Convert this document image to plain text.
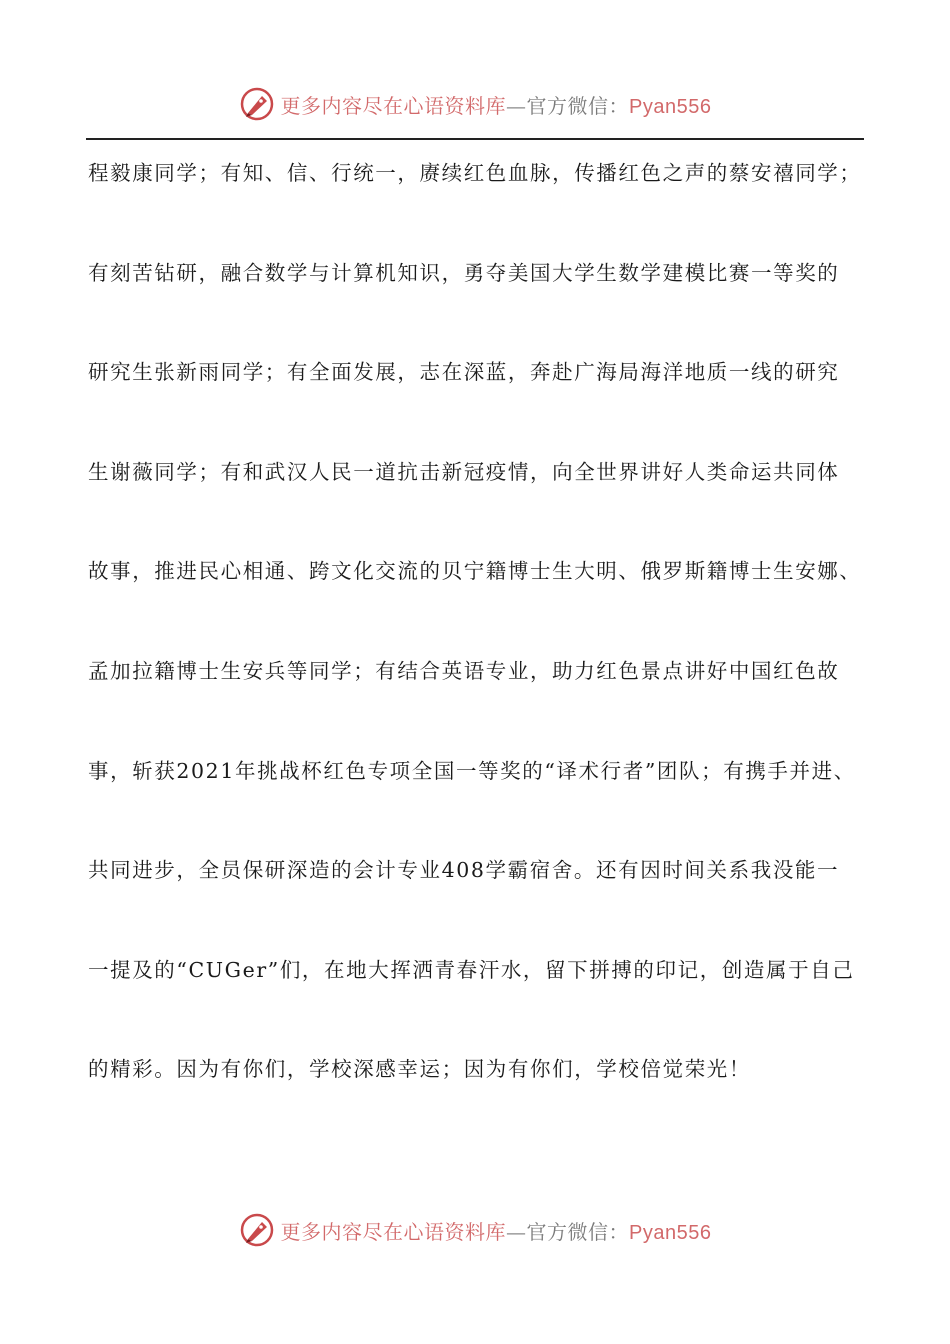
更多内容尽在心语资料库—官方微信：Pyan556
程毅康同学；有知、信、行统一，赓续红色血脉，传播红色之声的蔡安禧同学；
有刻苦钻研，融合数学与计算机知识，勇夺美国大学生数学建模比赛一等奖的
研究生张新雨同学；有全面发展，志在深蓝，奔赴广海局海洋地质一线的研究
生谢薇同学；有和武汉人民一道抗击新冠疫情，向全世界讲好人类命运共同体
故事，推进民心相通、跨文化交流的贝宁籍博士生大明、俄罗斯籍博士生安娜、
孟加拉籍博士生安兵等同学；有结合英语专业，助力红色景点讲好中国红色故
事，斩获2021年挑战杯红色专项全国一等奖的“译术行者”团队；有携手并进、
共同进步，全员保研深造的会计专业408学霸宿舍。还有因时间关系我没能一
一提及的“CUGer”们，在地大挥洒青春汗水，留下拼搏的印记，创造属于自己
的精彩。因为有你们，学校深感幸运；因为有你们，学校倍觉荣光！
更多内容尽在心语资料库—官方微信：Pyan556
